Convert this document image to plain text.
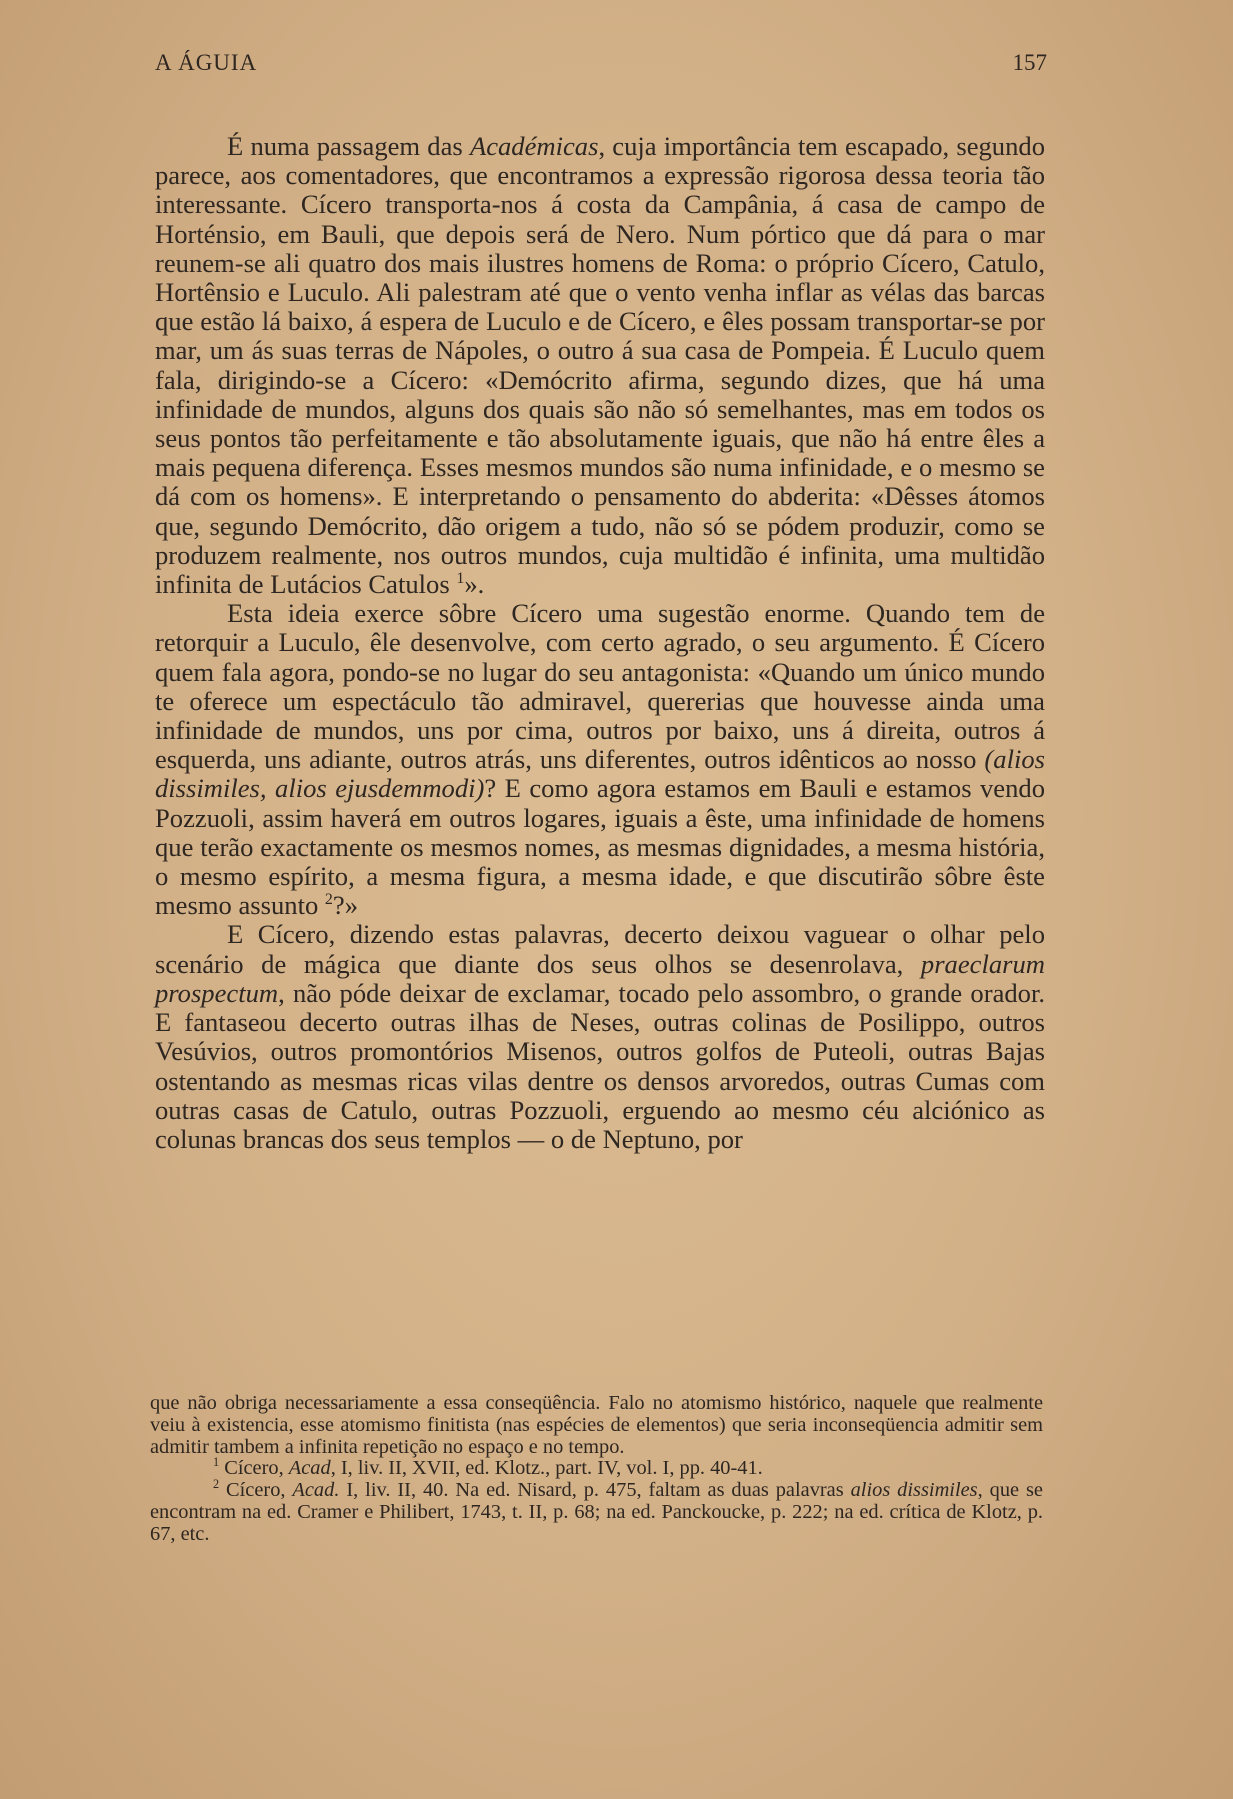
A ÁGUIA	157

É numa passagem das Académicas, cuja importância tem escapado, segundo parece, aos comentadores, que encontramos a expressão rigorosa dessa teoria tão interessante. Cícero transporta-nos á costa da Campânia, á casa de campo de Horténsio, em Bauli, que depois será de Nero. Num pórtico que dá para o mar reunem-se ali quatro dos mais ilustres homens de Roma: o próprio Cícero, Catulo, Hortênsio e Luculo. Ali palestram até que o vento venha inflar as vélas das barcas que estão lá baixo, á espera de Luculo e de Cícero, e êles possam transportar-se por mar, um ás suas terras de Nápoles, o outro á sua casa de Pompeia. É Luculo quem fala, dirigindo-se a Cícero: «Demócrito afirma, segundo dizes, que há uma infinidade de mundos, alguns dos quais são não só semelhantes, mas em todos os seus pontos tão perfeitamente e tão absolutamente iguais, que não há entre êles a mais pequena diferença. Esses mesmos mundos são numa infinidade, e o mesmo se dá com os homens». E interpretando o pensamento do abderita: «Dêsses átomos que, segundo Demócrito, dão origem a tudo, não só se pódem produzir, como se produzem realmente, nos outros mundos, cuja multidão é infinita, uma multidão infinita de Lutácios Catulos $^1$».

Esta ideia exerce sôbre Cícero uma sugestão enorme. Quando tem de retorquir a Luculo, êle desenvolve, com certo agrado, o seu argumento. É Cícero quem fala agora, pondo-se no lugar do seu antagonista: «Quando um único mundo te oferece um espectáculo tão admiravel, quererias que houvesse ainda uma infinidade de mundos, uns por cima, outros por baixo, uns á direita, outros á esquerda, uns adiante, outros atrás, uns diferentes, outros idênticos ao nosso (alios dissimiles, alios ejusdemmodi)? E como agora estamos em Bauli e estamos vendo Pozzuoli, assim haverá em outros logares, iguais a êste, uma infinidade de homens que terão exactamente os mesmos nomes, as mesmas dignidades, a mesma história, o mesmo espírito, a mesma figura, a mesma idade, e que discutirão sôbre êste mesmo assunto $^2$?»

E Cícero, dizendo estas palavras, decerto deixou vaguear o olhar pelo scenário de mágica que diante dos seus olhos se desenrolava, praeclarum prospectum, não póde deixar de exclamar, tocado pelo assombro, o grande orador. E fantaseou decerto outras ilhas de Neses, outras colinas de Posilippo, outros Vesúvios, outros promontórios Misenos, outros golfos de Puteoli, outras Bajas ostentando as mesmas ricas vilas dentre os densos arvoredos, outras Cumas com outras casas de Catulo, outras Pozzuoli, erguendo ao mesmo céu alciónico as colunas brancas dos seus templos — o de Neptuno, por

que não obriga necessariamente a essa conseqüência. Falo no atomismo histórico, naquele que realmente veiu à existencia, esse atomismo finitista (nas espécies de elementos) que seria inconseqüencia admitir sem admitir tambem a infinita repetição no espaço e no tempo.

$^1$ Cícero, Acad, I, liv. II, XVII, ed. Klotz., part. IV, vol. I, pp. 40-41.

$^2$ Cícero, Acad. I, liv. II, 40. Na ed. Nisard, p. 475, faltam as duas palavras alios dissimiles, que se encontram na ed. Cramer e Philibert, 1743, t. II, p. 68; na ed. Panckoucke, p. 222; na ed. crítica de Klotz, p. 67, etc.
